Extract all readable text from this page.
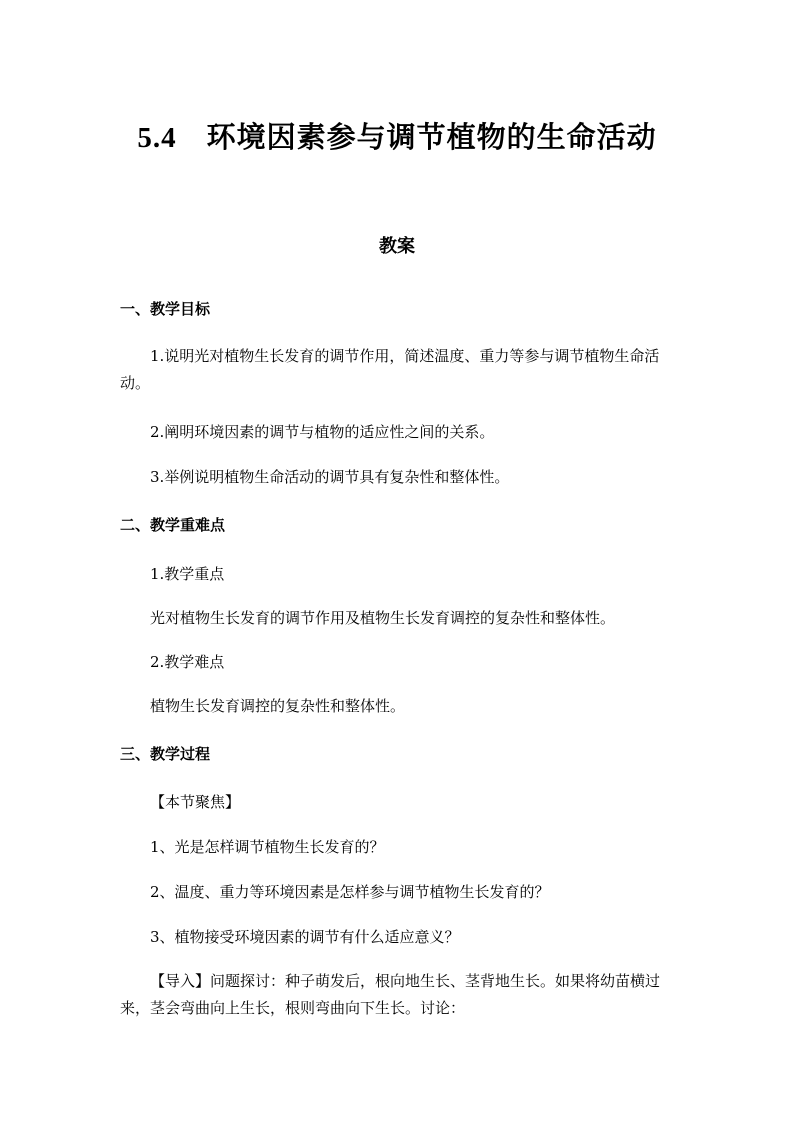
5.4 环境因素参与调节植物的生命活动
教案
一、教学目标
1.说明光对植物生长发育的调节作用，简述温度、重力等参与调节植物生命活动。
2.阐明环境因素的调节与植物的适应性之间的关系。
3.举例说明植物生命活动的调节具有复杂性和整体性。
二、教学重难点
1.教学重点
光对植物生长发育的调节作用及植物生长发育调控的复杂性和整体性。
2.教学难点
植物生长发育调控的复杂性和整体性。
三、教学过程
【本节聚焦】
1、光是怎样调节植物生长发育的？
2、温度、重力等环境因素是怎样参与调节植物生长发育的？
3、植物接受环境因素的调节有什么适应意义？
【导入】问题探讨：种子萌发后，根向地生长、茎背地生长。如果将幼苗横过来，茎会弯曲向上生长，根则弯曲向下生长。讨论：
